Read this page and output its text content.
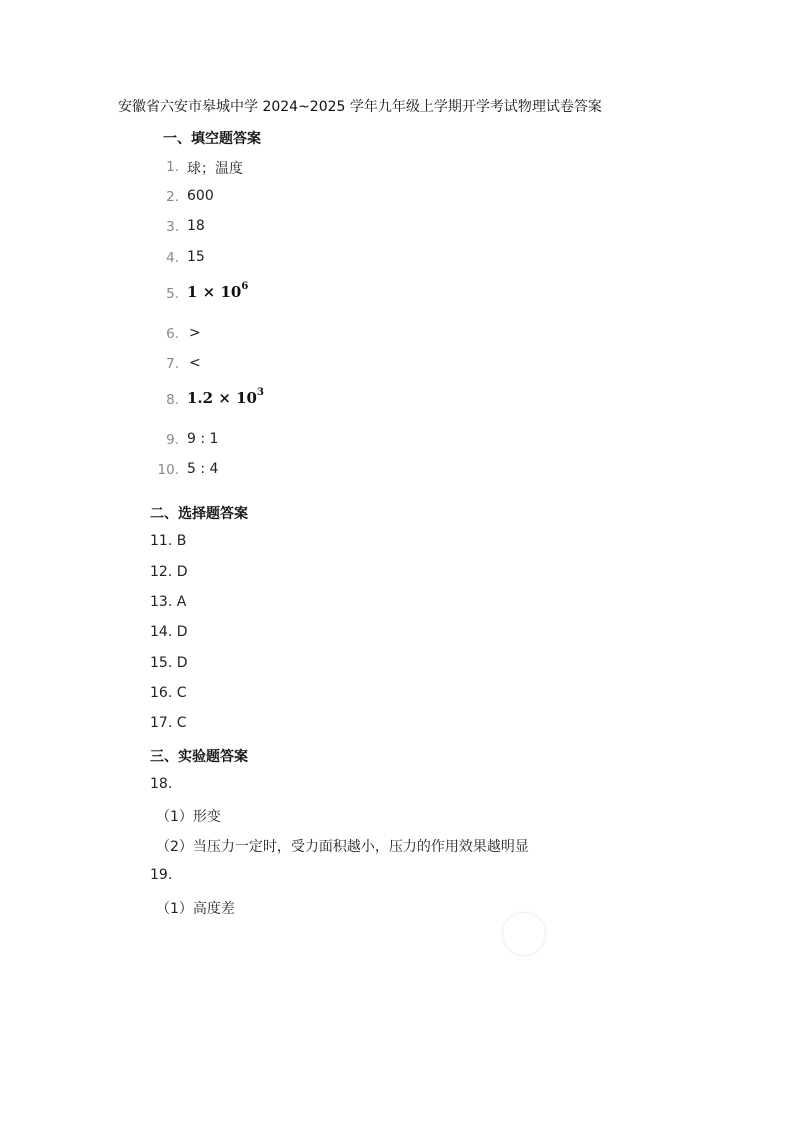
安徽省六安市皋城中学 2024~2025 学年九年级上学期开学考试物理试卷答案
一、填空题答案
1. 球；温度
2. 600
3. 18
4. 15
5. $1 \times 10^6$
6. >
7. <
8. $1.2 \times 10^3$
9. 9 : 1
10. 5 : 4
二、选择题答案
11. B
12. D
13. A
14. D
15. D
16. C
17. C
三、实验题答案
18.
（1）形变
（2）当压力一定时，受力面积越小，压力的作用效果越明显
19.
（1）高度差
